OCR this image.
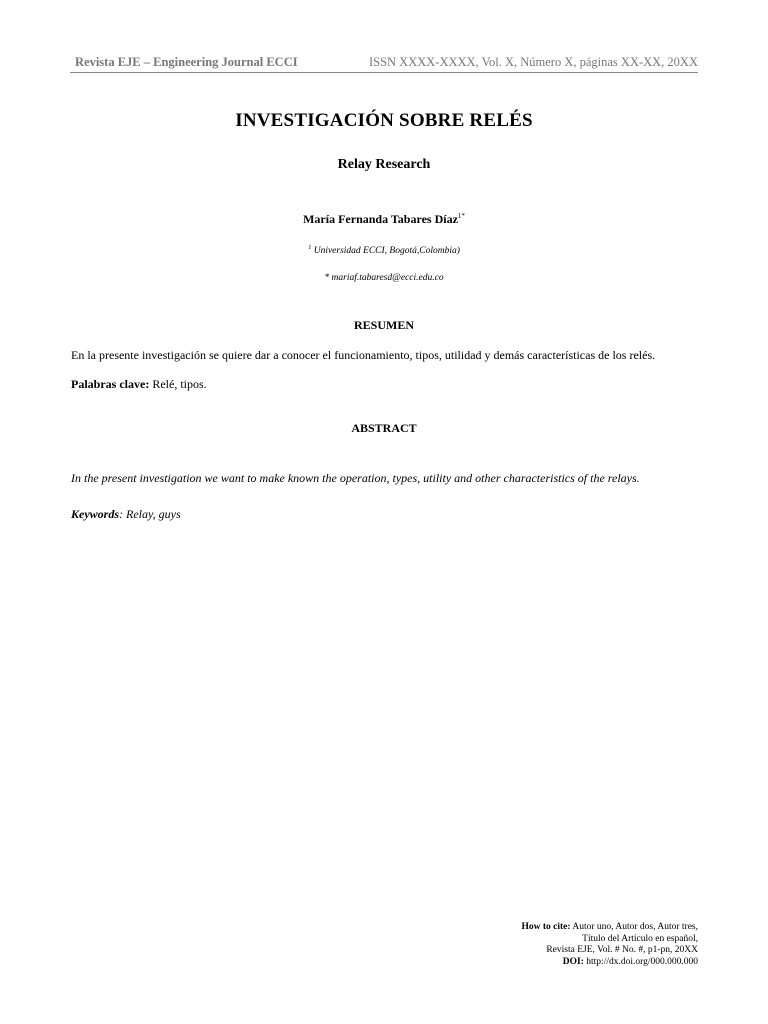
Revista EJE – Engineering Journal ECCI	ISSN XXXX-XXXX, Vol. X, Número X, páginas XX-XX, 20XX
INVESTIGACIÓN SOBRE RELÉS
Relay Research
María Fernanda Tabares Díaz$^{1*}$
$^1$ Universidad ECCI, Bogotá,Colombia)
* mariaf.tabaresd@ecci.edu.co
RESUMEN
En la presente investigación se quiere dar a conocer el funcionamiento, tipos, utilidad y demás características de los relés.
Palabras clave: Relé, tipos.
ABSTRACT
In the present investigation we want to make known the operation, types, utility and other characteristics of the relays.
Keywords: Relay, guys
How to cite: Autor uno, Autor dos, Autor tres,
Título del Artículo en español,
Revista EJE, Vol. # No. #, p1-pn, 20XX
DOI: http://dx.doi.org/000.000.000
